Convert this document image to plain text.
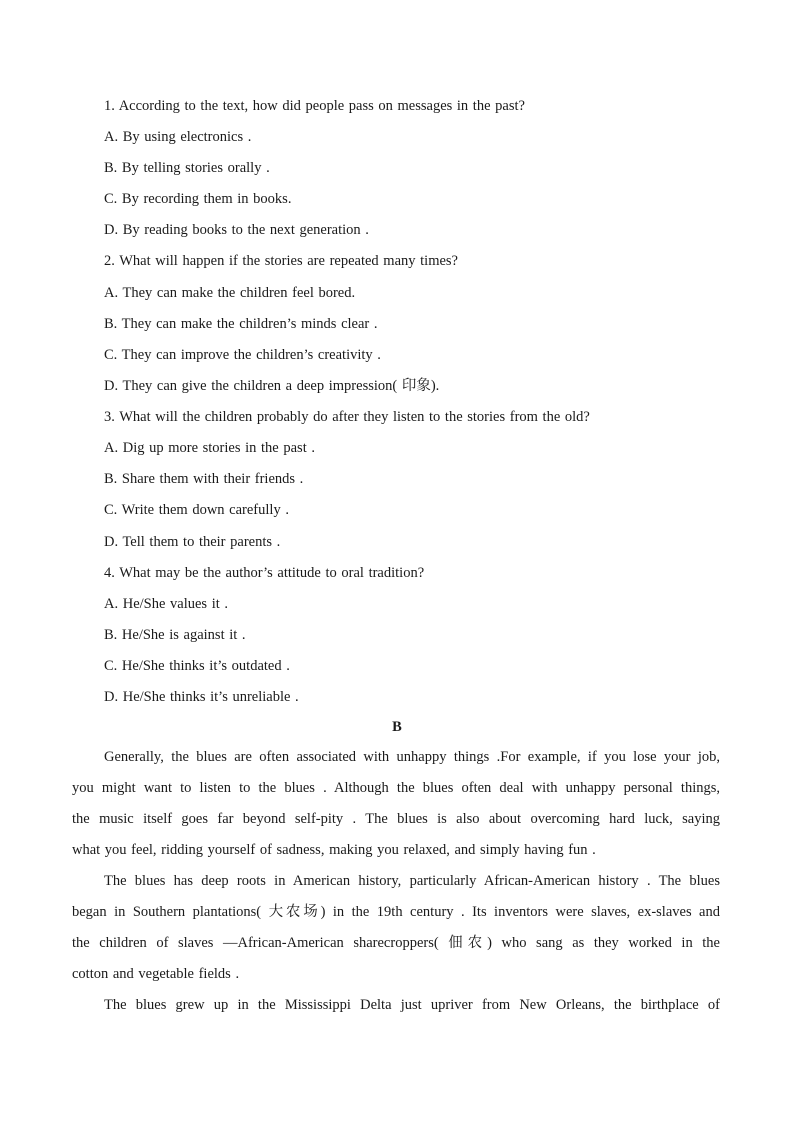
1. According to the text, how did people pass on messages in the past?
A. By using electronics .
B. By telling stories orally .
C. By recording them in books.
D. By reading books to the next generation .
2. What will happen if the stories are repeated many times?
A. They can make the children feel bored.
B. They can make the children’s minds clear .
C. They can improve the children’s creativity .
D. They can give the children a deep impression( 印象).
3. What will the children probably do after they listen to the stories from the old?
A. Dig up more stories in the past .
B. Share them with their friends .
C. Write them down carefully .
D. Tell them to their parents .
4. What may be the author’s attitude to oral tradition?
A. He/She values it .
B. He/She is against it .
C. He/She thinks it’s outdated .
D. He/She thinks it’s unreliable .
B
Generally, the blues are often associated with unhappy things .For example, if you lose your job,
you might want to listen to the blues . Although the blues often deal with unhappy personal things,
the music itself goes far beyond self-pity . The blues is also about overcoming hard luck, saying
what you feel, ridding yourself of sadness, making you relaxed, and simply having fun .
The blues has deep roots in American history, particularly African-American history . The blues
began in Southern plantations( 大农场) in the 19th century . Its inventors were slaves, ex-slaves and
the children of slaves —African-American sharecroppers( 佃农) who sang as they worked in the
cotton and vegetable fields .
The blues grew up in the Mississippi Delta just upriver from New Orleans, the birthplace of
